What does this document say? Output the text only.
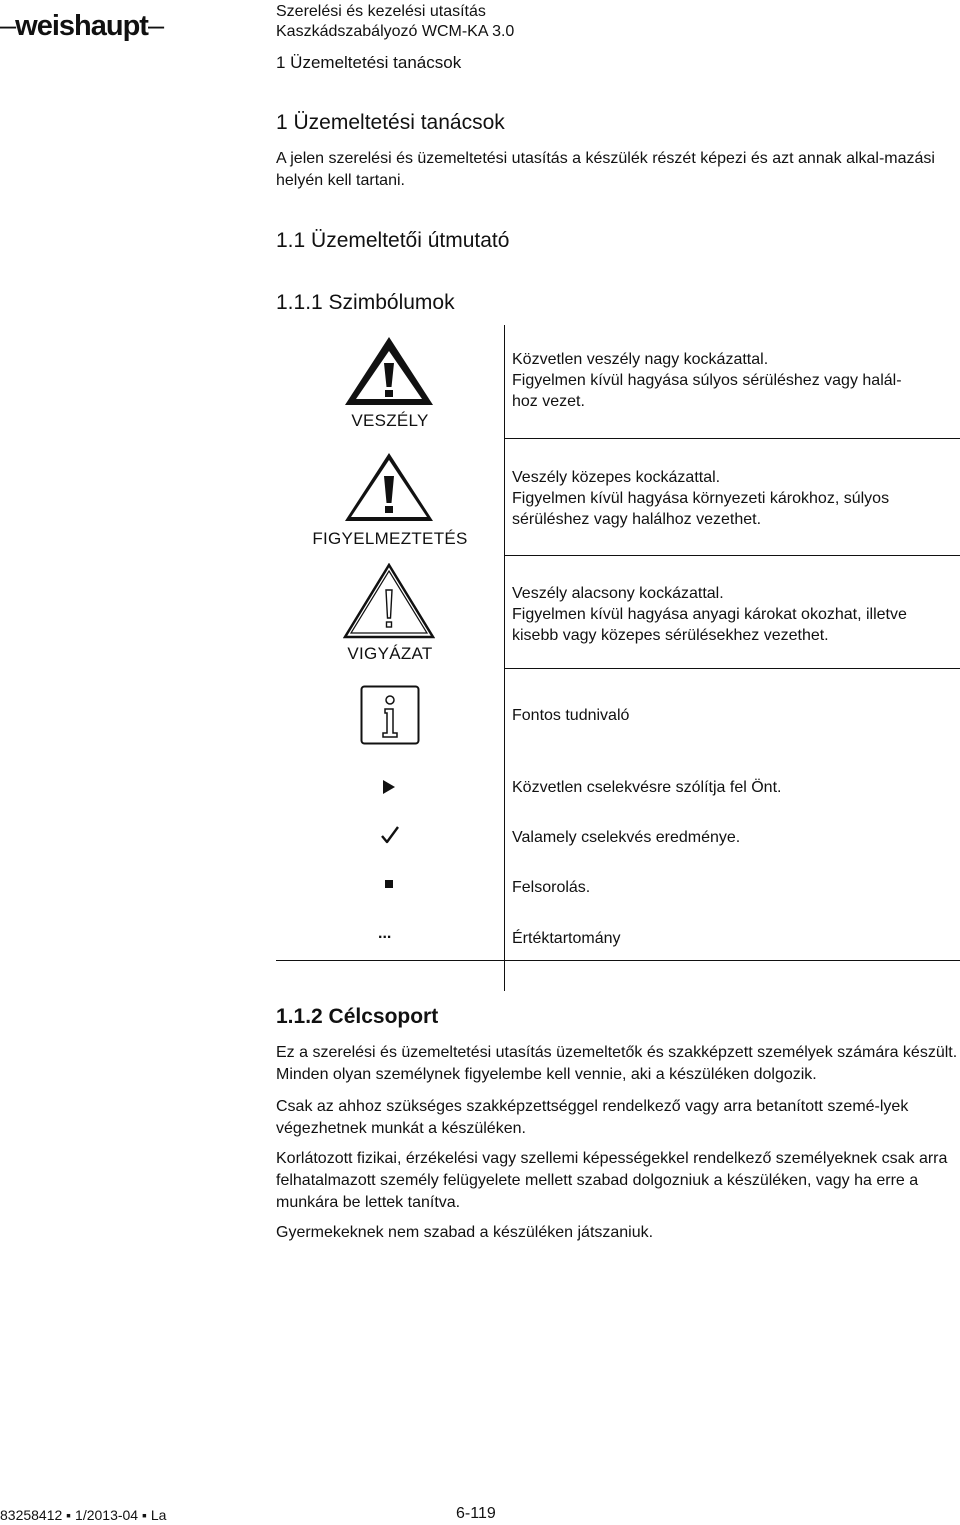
–weishaupt–	Szerelési és kezelési utasítás
Kaszkádszabályozó WCM-KA 3.0
1 Üzemeltetési tanácsok
1 Üzemeltetési tanácsok

A jelen szerelési és üzemeltetési utasítás a készülék részét képezi és azt annak alkal-mazási helyén kell tartani.

1.1 Üzemeltetői útmutató
1.1.1 Szimbólumok
VESZÉLY

Közvetlen veszély nagy kockázattal.
Figyelmen kívül hagyása súlyos sérüléshez vagy halál-
hoz vezet.

FIGYELMEZTETÉS

Veszély közepes kockázattal.
Figyelmen kívül hagyása környezeti károkhoz, súlyos
sérüléshez vagy halálhoz vezethet.

VIGYÁZAT

Veszély alacsony kockázattal.
Figyelmen kívül hagyása anyagi károkat okozhat, illetve
kisebb vagy közepes sérülésekhez vezethet.

Fontos tudnivaló

Közvetlen cselekvésre szólítja fel Önt.

Valamely cselekvés eredménye.

Felsorolás.

...	Értéktartomány

1.1.2 Célcsoport

Ez a szerelési és üzemeltetési utasítás üzemeltetők és szakképzett személyek számára készült. Minden olyan személynek figyelembe kell vennie, aki a készüléken dolgozik.

Csak az ahhoz szükséges szakképzettséggel rendelkező vagy arra betanított szemé-lyek végezhetnek munkát a készüléken.

Korlátozott fizikai, érzékelési vagy szellemi képességekkel rendelkező személyeknek csak arra felhatalmazott személy felügyelete mellett szabad dolgozniuk a készüléken, vagy ha erre a munkára be lettek tanítva.

Gyermekeknek nem szabad a készüléken játszaniuk.

83258412 ▪ 1/2013-04 ▪ La	6-119
